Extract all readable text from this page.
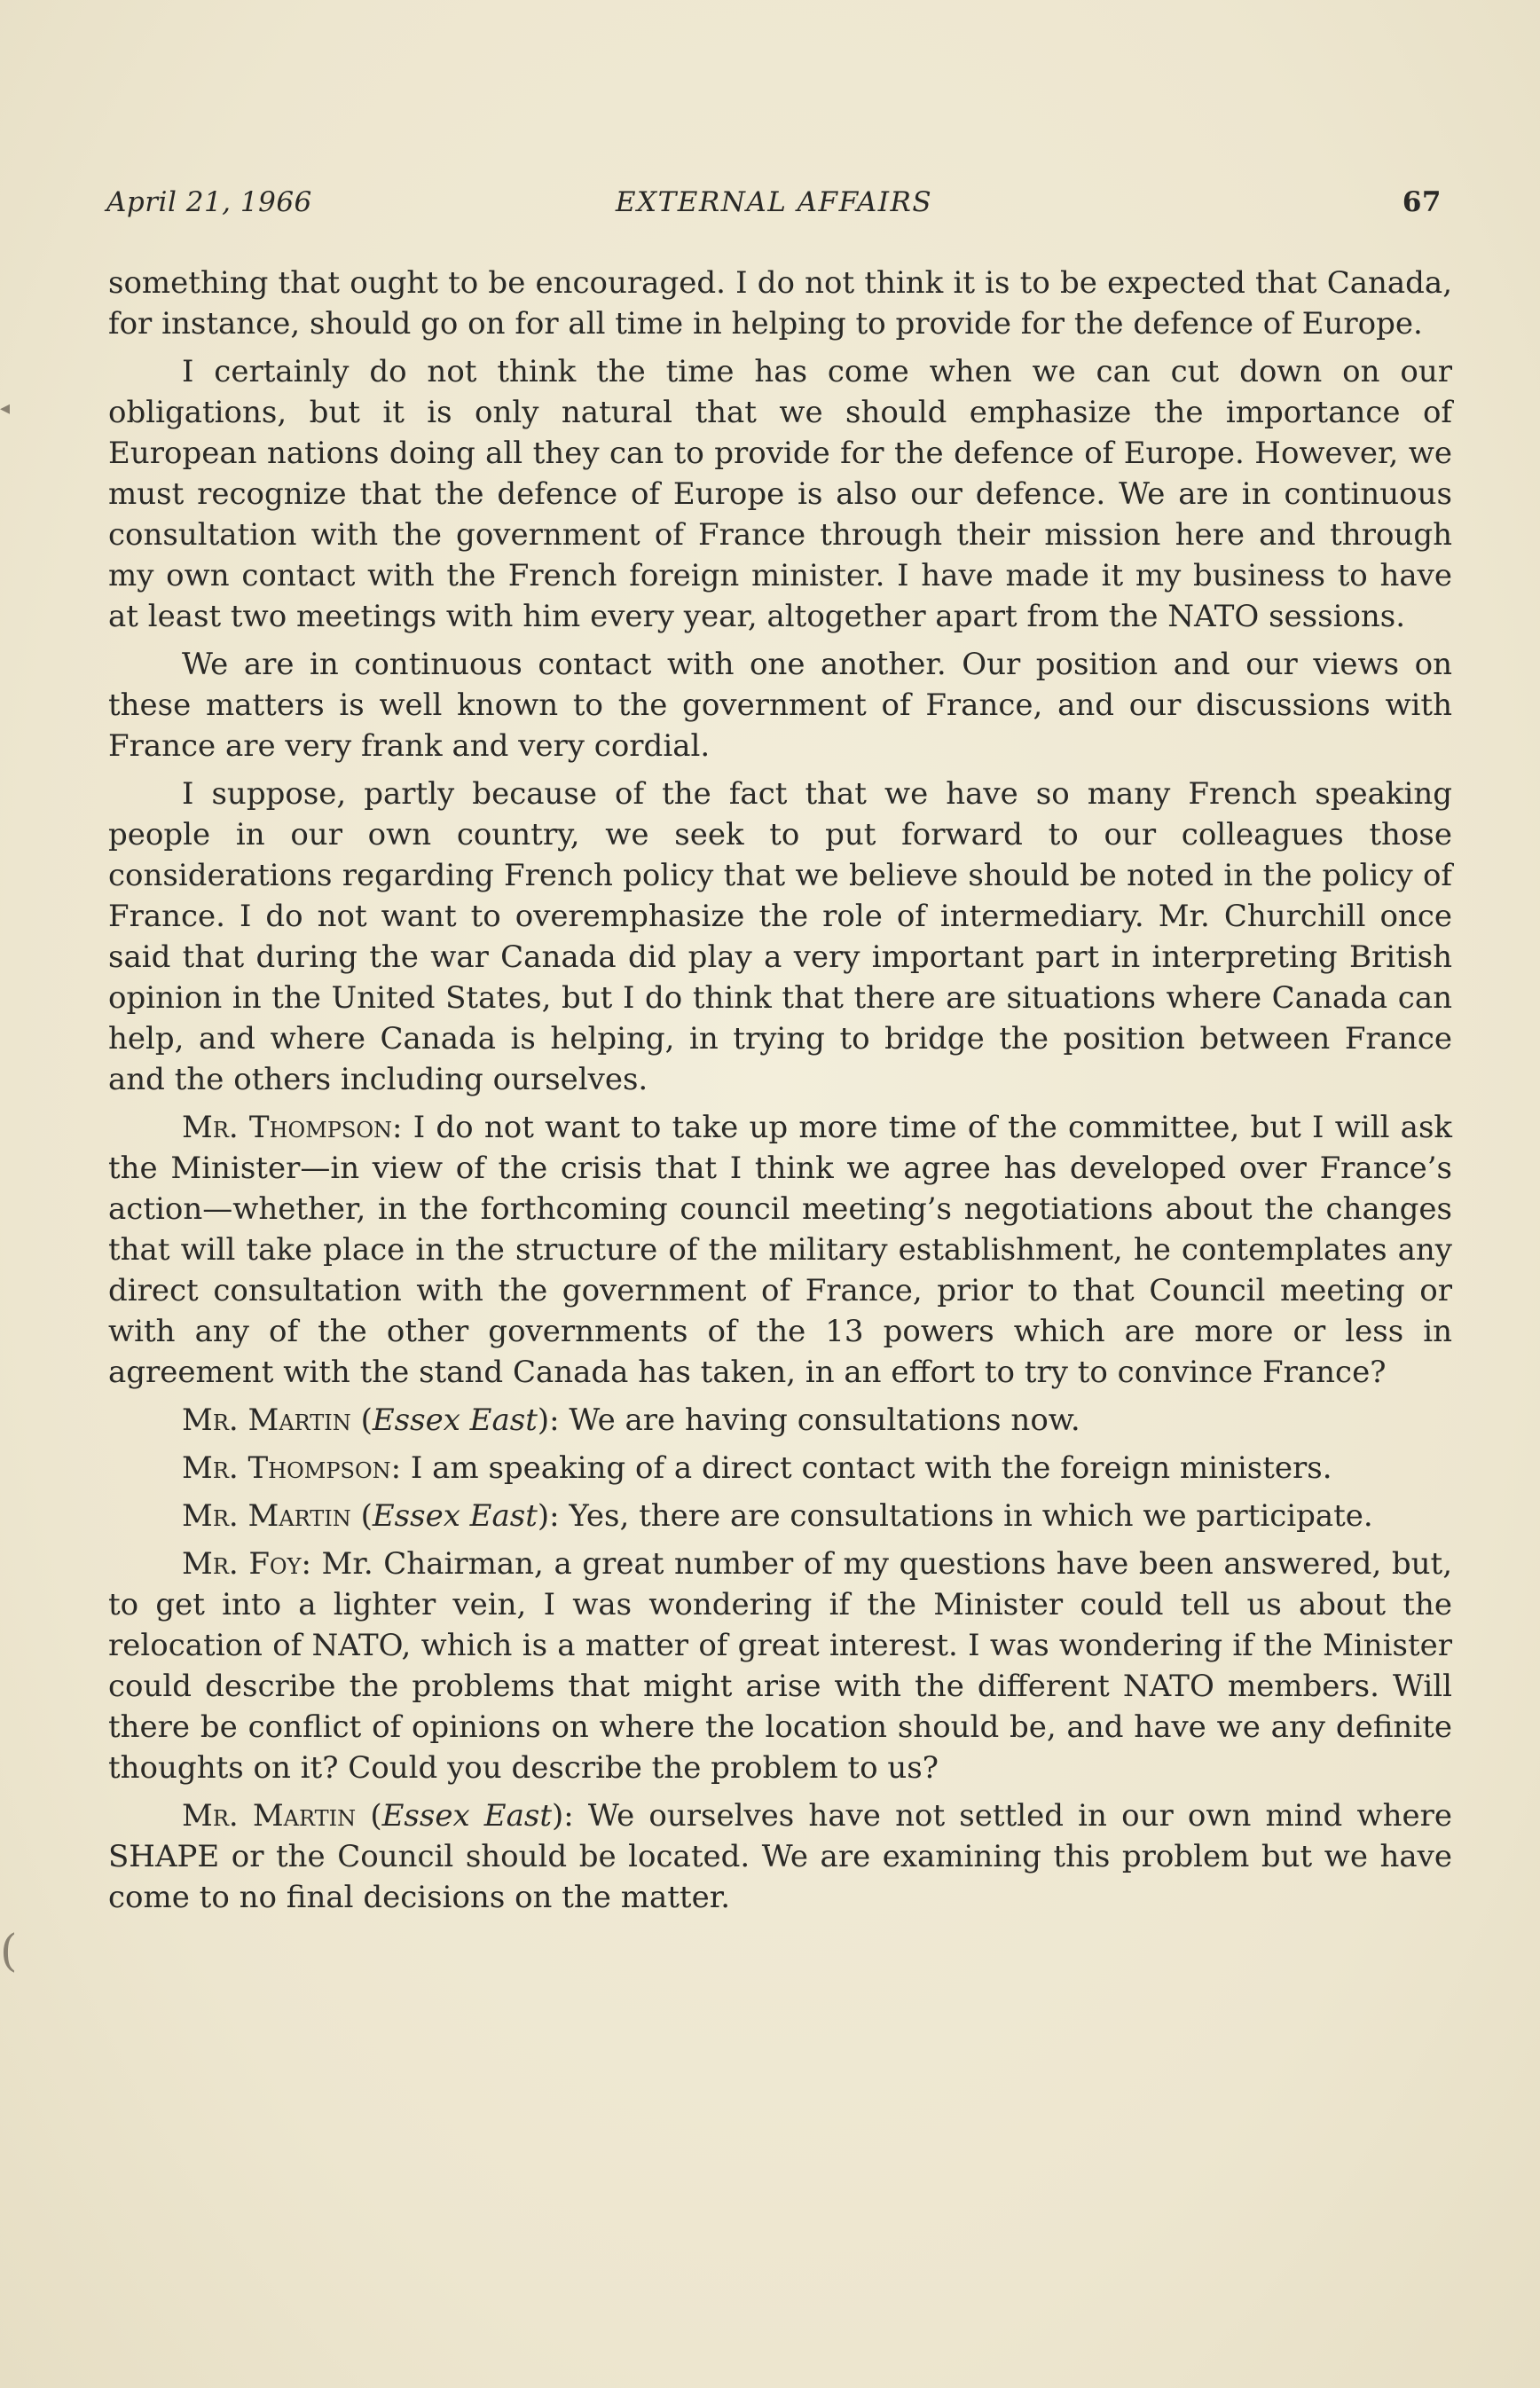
April 21, 1966	EXTERNAL AFFAIRS	67

something that ought to be encouraged. I do not think it is to be expected that Canada, for instance, should go on for all time in helping to provide for the defence of Europe.

I certainly do not think the time has come when we can cut down on our obligations, but it is only natural that we should emphasize the importance of European nations doing all they can to provide for the defence of Europe. However, we must recognize that the defence of Europe is also our defence. We are in continuous consultation with the government of France through their mission here and through my own contact with the French foreign minister. I have made it my business to have at least two meetings with him every year, altogether apart from the NATO sessions.

We are in continuous contact with one another. Our position and our views on these matters is well known to the government of France, and our discussions with France are very frank and very cordial.

I suppose, partly because of the fact that we have so many French speaking people in our own country, we seek to put forward to our colleagues those considerations regarding French policy that we believe should be noted in the policy of France. I do not want to overemphasize the role of intermediary. Mr. Churchill once said that during the war Canada did play a very important part in interpreting British opinion in the United States, but I do think that there are situations where Canada can help, and where Canada is helping, in trying to bridge the position between France and the others including ourselves.

Mr. Thompson: I do not want to take up more time of the committee, but I will ask the Minister—in view of the crisis that I think we agree has developed over France’s action—whether, in the forthcoming council meeting’s negotiations about the changes that will take place in the structure of the military establishment, he contemplates any direct consultation with the government of France, prior to that Council meeting or with any of the other governments of the 13 powers which are more or less in agreement with the stand Canada has taken, in an effort to try to convince France?

Mr. Martin (Essex East): We are having consultations now.

Mr. Thompson: I am speaking of a direct contact with the foreign ministers.

Mr. Martin (Essex East): Yes, there are consultations in which we participate.

Mr. Foy: Mr. Chairman, a great number of my questions have been answered, but, to get into a lighter vein, I was wondering if the Minister could tell us about the relocation of NATO, which is a matter of great interest. I was wondering if the Minister could describe the problems that might arise with the different NATO members. Will there be conflict of opinions on where the location should be, and have we any definite thoughts on it? Could you describe the problem to us?

Mr. Martin (Essex East): We ourselves have not settled in our own mind where SHAPE or the Council should be located. We are examining this problem but we have come to no final decisions on the matter.

◂
(
